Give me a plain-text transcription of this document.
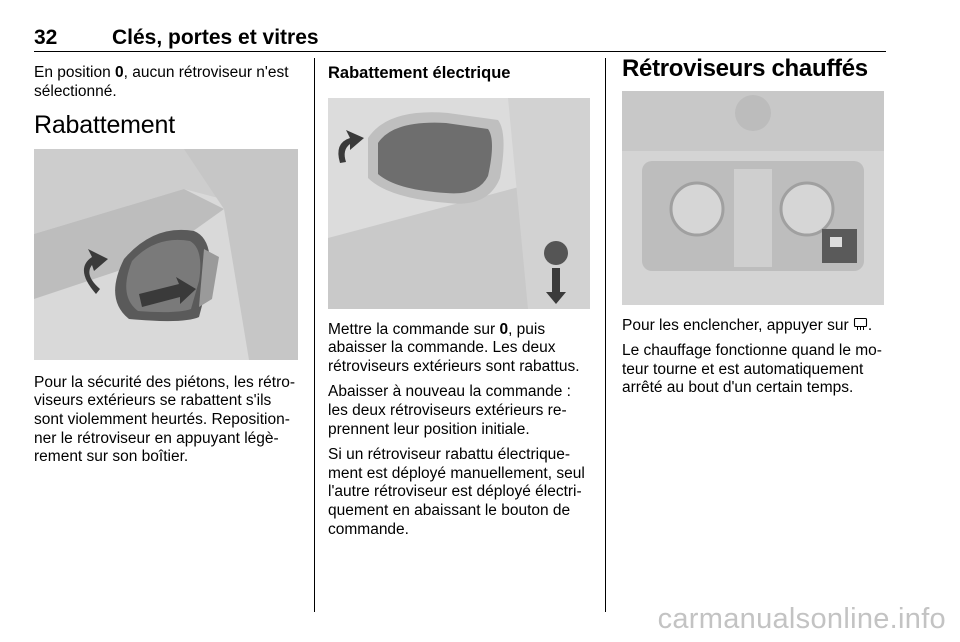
32	Clés, portes et vitres

En position 0, aucun rétroviseur n'est
sélectionné.

Rabattement

Pour la sécurité des piétons, les rétro-
viseurs extérieurs se rabattent s'ils
sont violemment heurtés. Reposition-
ner le rétroviseur en appuyant légè-
rement sur son boîtier.

Rabattement électrique

Mettre la commande sur 0, puis
abaisser la commande. Les deux
rétroviseurs extérieurs sont rabattus.

Abaisser à nouveau la commande :
les deux rétroviseurs extérieurs re-
prennent leur position initiale.

Si un rétroviseur rabattu électrique-
ment est déployé manuellement, seul
l'autre rétroviseur est déployé électri-
quement en abaissant le bouton de
commande.

Rétroviseurs chauffés

Pour les enclencher, appuyer sur .

Le chauffage fonctionne quand le mo-
teur tourne et est automatiquement
arrêté au bout d'un certain temps.

carmanualsonline.info
